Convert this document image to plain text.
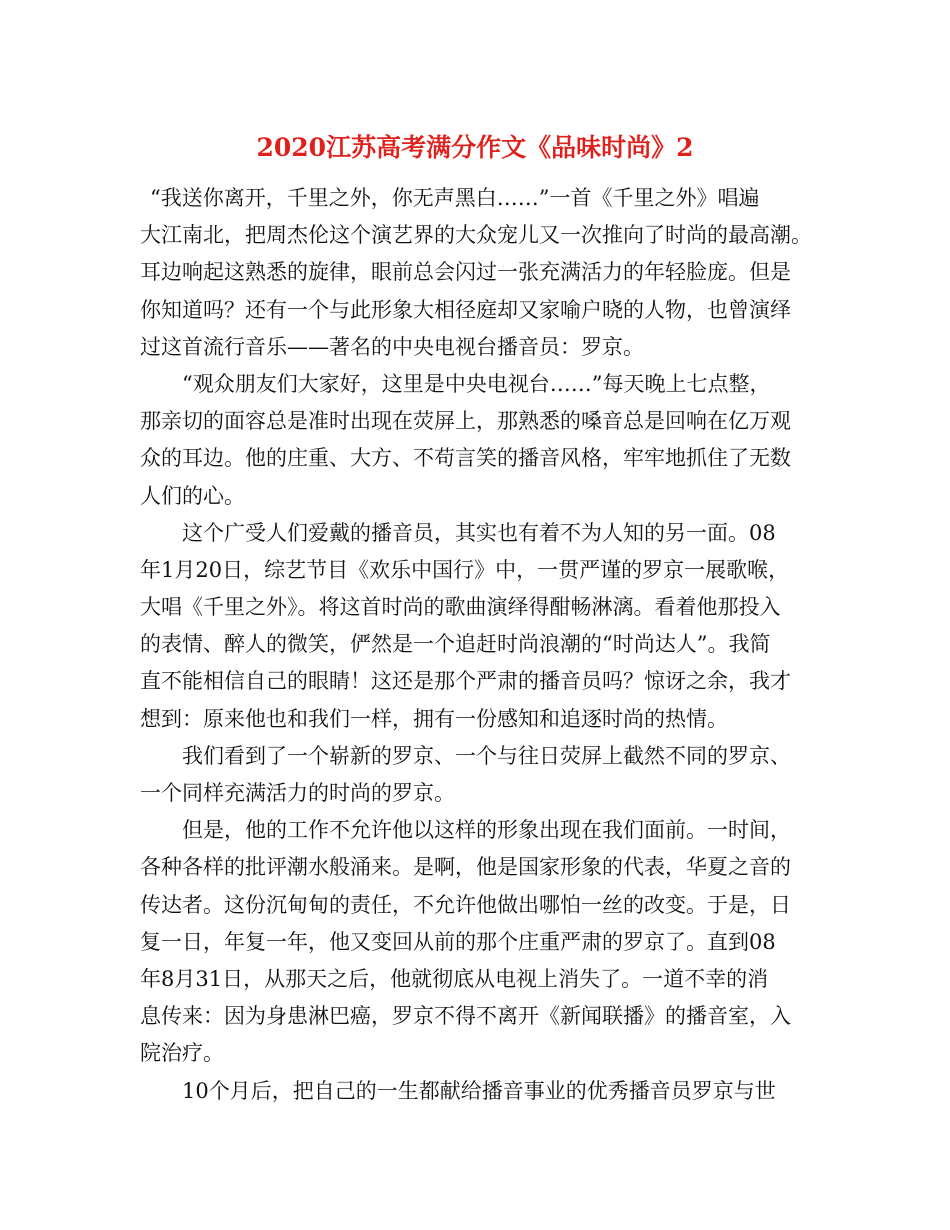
2020江苏高考满分作文《品味时尚》2
“我送你离开，千里之外，你无声黑白……”一首《千里之外》唱遍
大江南北，把周杰伦这个演艺界的大众宠儿又一次推向了时尚的最高潮。
耳边响起这熟悉的旋律，眼前总会闪过一张充满活力的年轻脸庞。但是
你知道吗？还有一个与此形象大相径庭却又家喻户晓的人物，也曾演绎
过这首流行音乐——著名的中央电视台播音员：罗京。
“观众朋友们大家好，这里是中央电视台……”每天晚上七点整，
那亲切的面容总是准时出现在荧屏上，那熟悉的嗓音总是回响在亿万观
众的耳边。他的庄重、大方、不苟言笑的播音风格，牢牢地抓住了无数
人们的心。
这个广受人们爱戴的播音员，其实也有着不为人知的另一面。08
年1月20日，综艺节目《欢乐中国行》中，一贯严谨的罗京一展歌喉，
大唱《千里之外》。将这首时尚的歌曲演绎得酣畅淋漓。看着他那投入
的表情、醉人的微笑，俨然是一个追赶时尚浪潮的“时尚达人”。我简
直不能相信自己的眼睛！这还是那个严肃的播音员吗？惊讶之余，我才
想到：原来他也和我们一样，拥有一份感知和追逐时尚的热情。
我们看到了一个崭新的罗京、一个与往日荧屏上截然不同的罗京、
一个同样充满活力的时尚的罗京。
但是，他的工作不允许他以这样的形象出现在我们面前。一时间，
各种各样的批评潮水般涌来。是啊，他是国家形象的代表，华夏之音的
传达者。这份沉甸甸的责任，不允许他做出哪怕一丝的改变。于是，日
复一日，年复一年，他又变回从前的那个庄重严肃的罗京了。直到08
年8月31日，从那天之后，他就彻底从电视上消失了。一道不幸的消
息传来：因为身患淋巴癌，罗京不得不离开《新闻联播》的播音室，入
院治疗。
10个月后，把自己的一生都献给播音事业的优秀播音员罗京与世
